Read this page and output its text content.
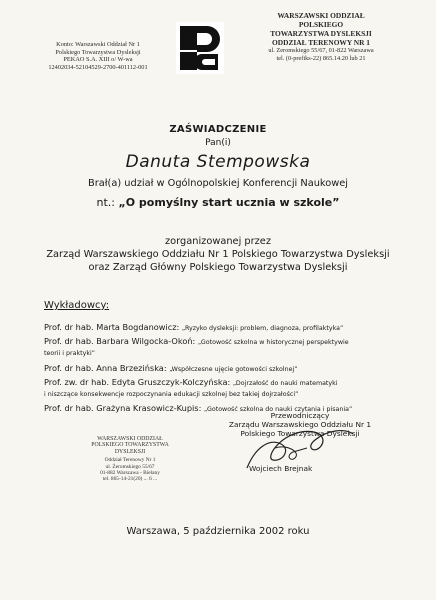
Konto: Warszawski Oddział Nr 1
Polskiego Towarzystwa Dysleksji
PEKAO S.A. XIII o/ W-wa
12402034-52104529-2700-401112-001
WARSZAWSKI ODDZIAŁ
POLSKIEGO
TOWARZYSTWA DYSLEKSJI
ODDZIAŁ TERENOWY NR 1
ul. Zeromskiego 55/67, 01-822 Warszawa
tel. (0-prefiks-22) 865.14.20 lub 21
ZAŚWIADCZENIE
Pan(i)
Danuta Stempowska
Brał(a) udział w Ogólnopolskiej Konferencji Naukowej
nt.: „O pomyślny start ucznia w szkole”
zorganizowanej przez
Zarząd Warszawskiego Oddziału Nr 1 Polskiego Towarzystwa Dysleksji
oraz Zarząd Główny Polskiego Towarzystwa Dysleksji
Wykładowcy:
Prof. dr hab. Marta Bogdanowicz: „Ryzyko dysleksji: problem, diagnoza, profilaktyka”
Prof. dr hab. Barbara Wilgocka-Okoń: „Gotowość szkolna w historycznej perspektywie
teorii i praktyki”
Prof. dr hab. Anna Brzezińska: „Współczesne ujęcie gotowości szkolnej”
Prof. zw. dr hab. Edyta Gruszczyk-Kolczyńska: „Dojrzałość do nauki matematyki
i niszczące konsekwencje rozpoczynania edukacji szkolnej bez takiej dojrzałości”
Prof. dr hab. Grażyna Krasowicz-Kupis: „Gotowość szkolna do nauki czytania i pisania”
WARSZAWSKI ODDZIAŁ
POLSKIEGO TOWARZYSTWA DYSLEKSJI
Oddział Terenowy Nr 1
ul. Żeromskiego 55/67
01-882 Warszawa - Bielany
tel. 865-14-21(20) ... 6 ...
Przewodniczący
Zarządu Warszawskiego Oddziału Nr 1
Polskiego Towarzystwa Dysleksji
Wojciech Brejnak
Warszawa, 5 października 2002 roku
